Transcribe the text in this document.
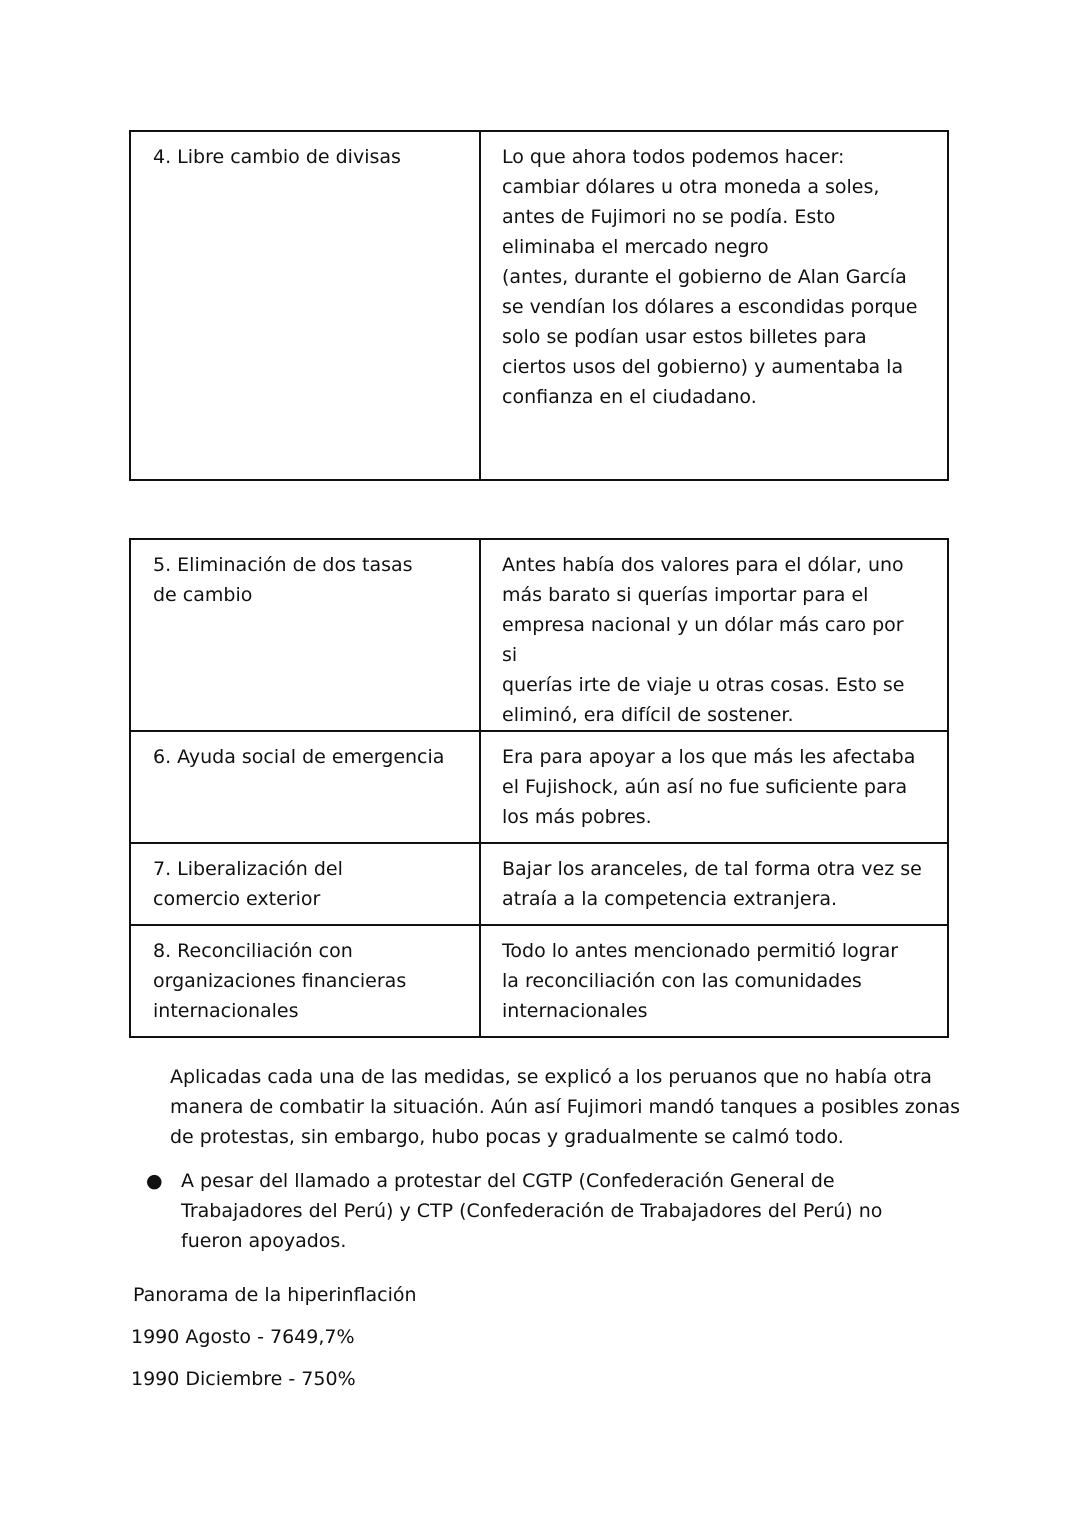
4. Libre cambio de divisas	Lo que ahora todos podemos hacer:
cambiar dólares u otra moneda a soles,
antes de Fujimori no se podía. Esto
eliminaba el mercado negro
(antes, durante el gobierno de Alan García
se vendían los dólares a escondidas porque
solo se podían usar estos billetes para
ciertos usos del gobierno) y aumentaba la
confianza en el ciudadano.
5. Eliminación de dos tasas
de cambio	Antes había dos valores para el dólar, uno
más barato si querías importar para el
empresa nacional y un dólar más caro por si
querías irte de viaje u otras cosas. Esto se
eliminó, era difícil de sostener.
6. Ayuda social de emergencia	Era para apoyar a los que más les afectaba
el Fujishock, aún así no fue suficiente para
los más pobres.
7. Liberalización del
comercio exterior	Bajar los aranceles, de tal forma otra vez se
atraía a la competencia extranjera.
8. Reconciliación con
organizaciones financieras
internacionales	Todo lo antes mencionado permitió lograr
la reconciliación con las comunidades
internacionales
Aplicadas cada una de las medidas, se explicó a los peruanos que no había otra
manera de combatir la situación. Aún así Fujimori mandó tanques a posibles zonas
de protestas, sin embargo, hubo pocas y gradualmente se calmó todo.
● A pesar del llamado a protestar del CGTP (Confederación General de
Trabajadores del Perú) y CTP (Confederación de Trabajadores del Perú) no
fueron apoyados.
Panorama de la hiperinflación
1990 Agosto - 7649,7%
1990 Diciembre - 750%
